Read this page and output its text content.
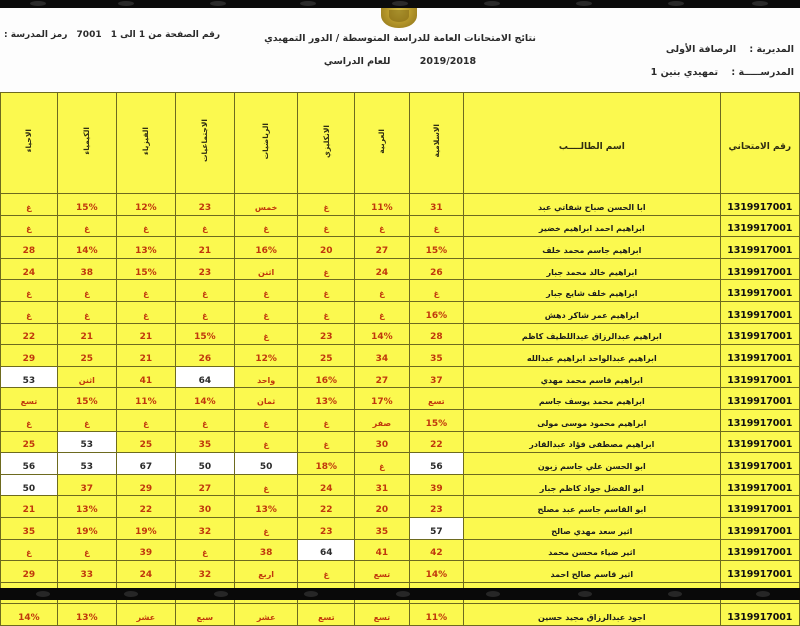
نتائج الامتحانات العامة للدراسة المتوسطة / الدور التمهيدي
2019/2018 للعام الدراسي
المديرية : الرصافة الأولى
المدرســـــة : تمهيدي بنين 1
رقم الصفحة من 1 الى 1 7001 رمز المدرسة :
رقم الامتحاني	اسم الطالــــب	الاسلامية	العربية	الانكليزي	الرياضيات	الاجتماعيات	الفيزياء	الكيمياء	الاحياء
1319917001	ابا الحسن صباح شفاتي عبد	31	11%	غ	خمس	23	12%	15%	غ
1319917001	ابراهيم احمد ابراهيم خضير	غ	غ	غ	غ	غ	غ	غ	غ
1319917001	ابراهيم جاسم محمد خلف	15%	27	20	16%	21	13%	14%	28
1319917001	ابراهيم خالد محمد جبار	26	24	غ	اثنن	23	15%	38	24
1319917001	ابراهيم خلف شايع جبار	غ	غ	غ	غ	غ	غ	غ	غ
1319917001	ابراهيم عمر شاكر دهش	16%	غ	غ	غ	غ	غ	غ	غ
1319917001	ابراهيم عبدالرزاق عبداللطيف كاظم	28	14%	23	غ	15%	21	21	22
1319917001	ابراهيم عبدالواحد ابراهيم عبدالله	35	34	25	12%	26	21	25	29
1319917001	ابراهيم قاسم محمد مهدي	37	27	16%	واحد	64	41	اثنن	53
1319917001	ابراهيم محمد يوسف جاسم	تسع	17%	13%	ثمان	14%	11%	15%	تسع
1319917001	ابراهيم محمود موسى مولى	15%	صفر	غ	غ	غ	غ	غ	غ
1319917001	ابراهيم مصطفى فؤاد عبدالقادر	22	30	غ	غ	35	25	53	25
1319917001	ابو الحسن علي جاسم زبون	56	غ	18%	50	50	67	53	56
1319917001	ابو الفضل جواد كاظم جبار	39	31	24	غ	27	29	37	50
1319917001	ابو القاسم جاسم عبد مصلح	23	20	22	13%	30	22	13%	21
1319917001	اثير سعد مهدي صالح	57	35	23	غ	32	19%	19%	35
1319917001	اثير ضياء محسن محمد	42	41	64	38	غ	39	غ	غ
1319917001	اثير قاسم صالح احمد	14%	تسع	غ	اربع	32	24	33	29

1319917001	اجود عبدالرزاق مجيد حسين	11%	تسع	تسع	عشر	سبع	عشر	13%	14%
